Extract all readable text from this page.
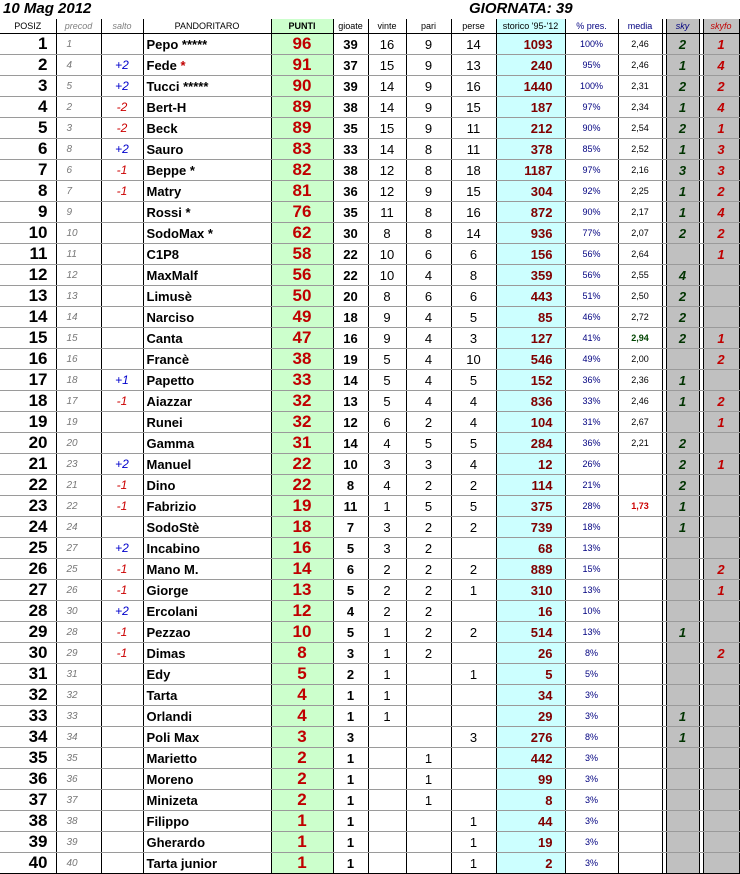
10 Mag 2012	GIORNATA: 39
POSIZ	precod	salto	PANDORITARO	PUNTI	gioate	vinte	pari	perse	storico '95-'12	% pres.	media		sky		skyfo
1	1		Pepo *****	96	39	16	9	14	1093	100%	2,46		2		1
2	4	+2	Fede *	91	37	15	9	13	240	95%	2,46		1		4
3	5	+2	Tucci *****	90	39	14	9	16	1440	100%	2,31		2		2
4	2	-2	Bert-H	89	38	14	9	15	187	97%	2,34		1		4
5	3	-2	Beck	89	35	15	9	11	212	90%	2,54		2		1
6	8	+2	Sauro	83	33	14	8	11	378	85%	2,52		1		3
7	6	-1	Beppe *	82	38	12	8	18	1187	97%	2,16		3		3
8	7	-1	Matry	81	36	12	9	15	304	92%	2,25		1		2
9	9		Rossi *	76	35	11	8	16	872	90%	2,17		1		4
10	10		SodoMax *	62	30	8	8	14	936	77%	2,07		2		2
11	11		C1P8	58	22	10	6	6	156	56%	2,64				1
12	12		MaxMalf	56	22	10	4	8	359	56%	2,55		4		
13	13		Limusè	50	20	8	6	6	443	51%	2,50		2		
14	14		Narciso	49	18	9	4	5	85	46%	2,72		2		
15	15		Canta	47	16	9	4	3	127	41%	2,94		2		1
16	16		Francè	38	19	5	4	10	546	49%	2,00				2
17	18	+1	Papetto	33	14	5	4	5	152	36%	2,36		1		
18	17	-1	Aiazzar	32	13	5	4	4	836	33%	2,46		1		2
19	19		Runei	32	12	6	2	4	104	31%	2,67				1
20	20		Gamma	31	14	4	5	5	284	36%	2,21		2		
21	23	+2	Manuel	22	10	3	3	4	12	26%			2		1
22	21	-1	Dino	22	8	4	2	2	114	21%			2		
23	22	-1	Fabrizio	19	11	1	5	5	375	28%	1,73		1		
24	24		SodoStè	18	7	3	2	2	739	18%			1		
25	27	+2	Incabino	16	5	3	2		68	13%					
26	25	-1	Mano M.	14	6	2	2	2	889	15%					2
27	26	-1	Giorge	13	5	2	2	1	310	13%					1
28	30	+2	Ercolani	12	4	2	2		16	10%					
29	28	-1	Pezzao	10	5	1	2	2	514	13%			1		
30	29	-1	Dimas	8	3	1	2		26	8%					2
31	31		Edy	5	2	1		1	5	5%					
32	32		Tarta	4	1	1			34	3%					
33	33		Orlandi	4	1	1			29	3%			1		
34	34		Poli Max	3	3			3	276	8%			1		
35	35		Marietto	2	1		1		442	3%					
36	36		Moreno	2	1		1		99	3%					
37	37		Minizeta	2	1		1		8	3%					
38	38		Filippo	1	1			1	44	3%					
39	39		Gherardo	1	1			1	19	3%					
40	40		Tarta junior	1	1			1	2	3%					
